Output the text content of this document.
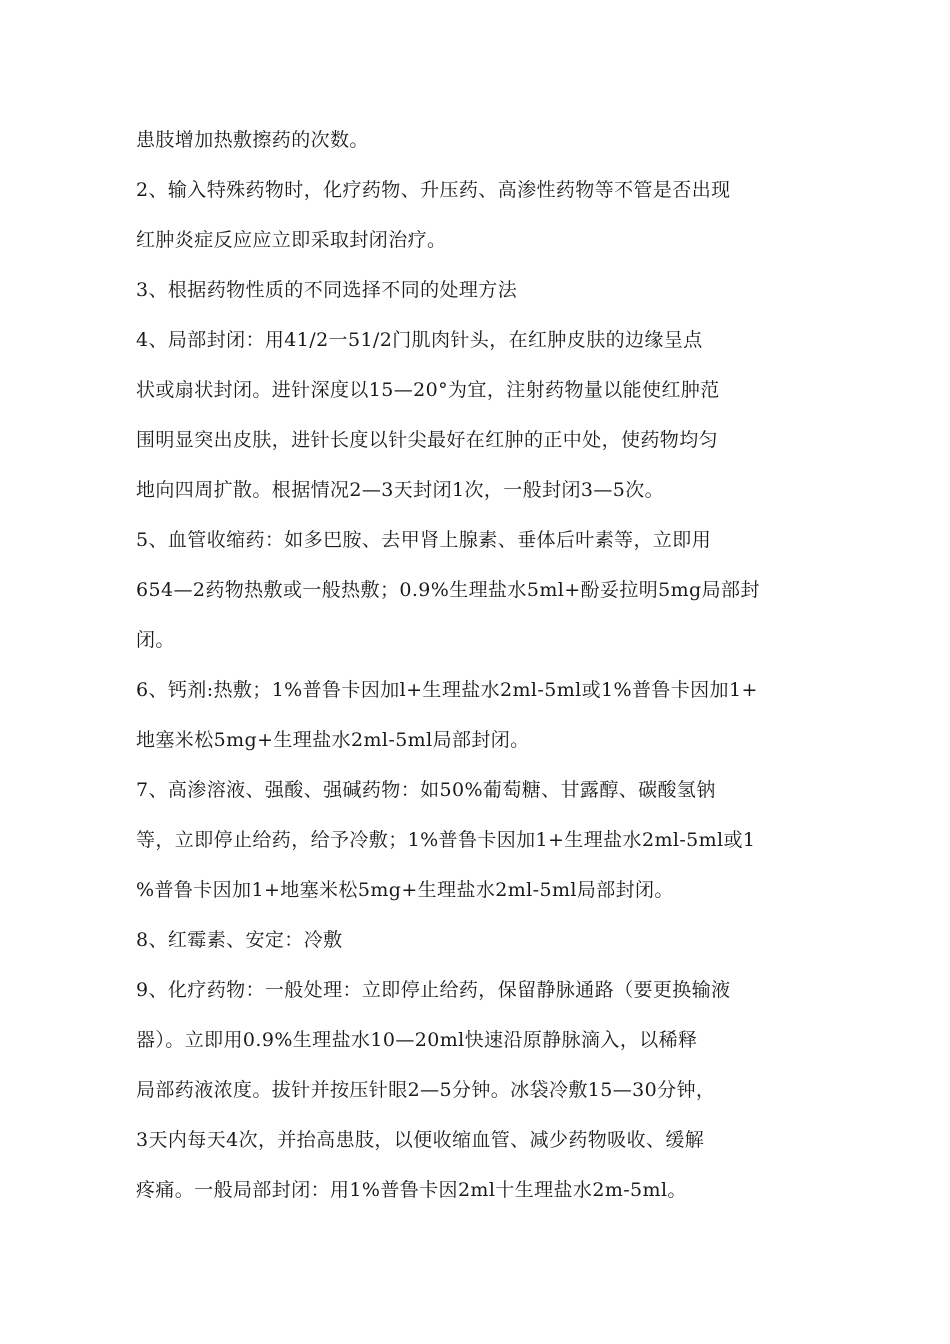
患肢增加热敷擦药的次数。
2、输入特殊药物时，化疗药物、升压药、高渗性药物等不管是否出现
红肿炎症反应应立即采取封闭治疗。
3、根据药物性质的不同选择不同的处理方法
4、局部封闭：用41/2一51/2门肌肉针头，在红肿皮肤的边缘呈点
状或扇状封闭。进针深度以15—20°为宜，注射药物量以能使红肿范
围明显突出皮肤，进针长度以针尖最好在红肿的正中处，使药物均匀
地向四周扩散。根据情况2—3天封闭1次，一般封闭3—5次。
5、血管收缩药：如多巴胺、去甲肾上腺素、垂体后叶素等，立即用
654—2药物热敷或一般热敷；0.9%生理盐水5ml+酚妥拉明5mg局部封
闭。
6、钙剂:热敷；1%普鲁卡因加l+生理盐水2ml-5ml或1%普鲁卡因加1+
地塞米松5mg+生理盐水2ml-5ml局部封闭。
7、高渗溶液、强酸、强碱药物：如50%葡萄糖、甘露醇、碳酸氢钠
等，立即停止给药，给予冷敷；1%普鲁卡因加1+生理盐水2ml-5ml或1
%普鲁卡因加1+地塞米松5mg+生理盐水2ml-5ml局部封闭。
8、红霉素、安定：冷敷
9、化疗药物：一般处理：立即停止给药，保留静脉通路（要更换输液
器）。立即用0.9%生理盐水10—20ml快速沿原静脉滴入，以稀释
局部药液浓度。拔针并按压针眼2—5分钟。冰袋冷敷15—30分钟，
3天内每天4次，并抬高患肢，以便收缩血管、减少药物吸收、缓解
疼痛。一般局部封闭：用1%普鲁卡因2ml十生理盐水2m-5ml。
